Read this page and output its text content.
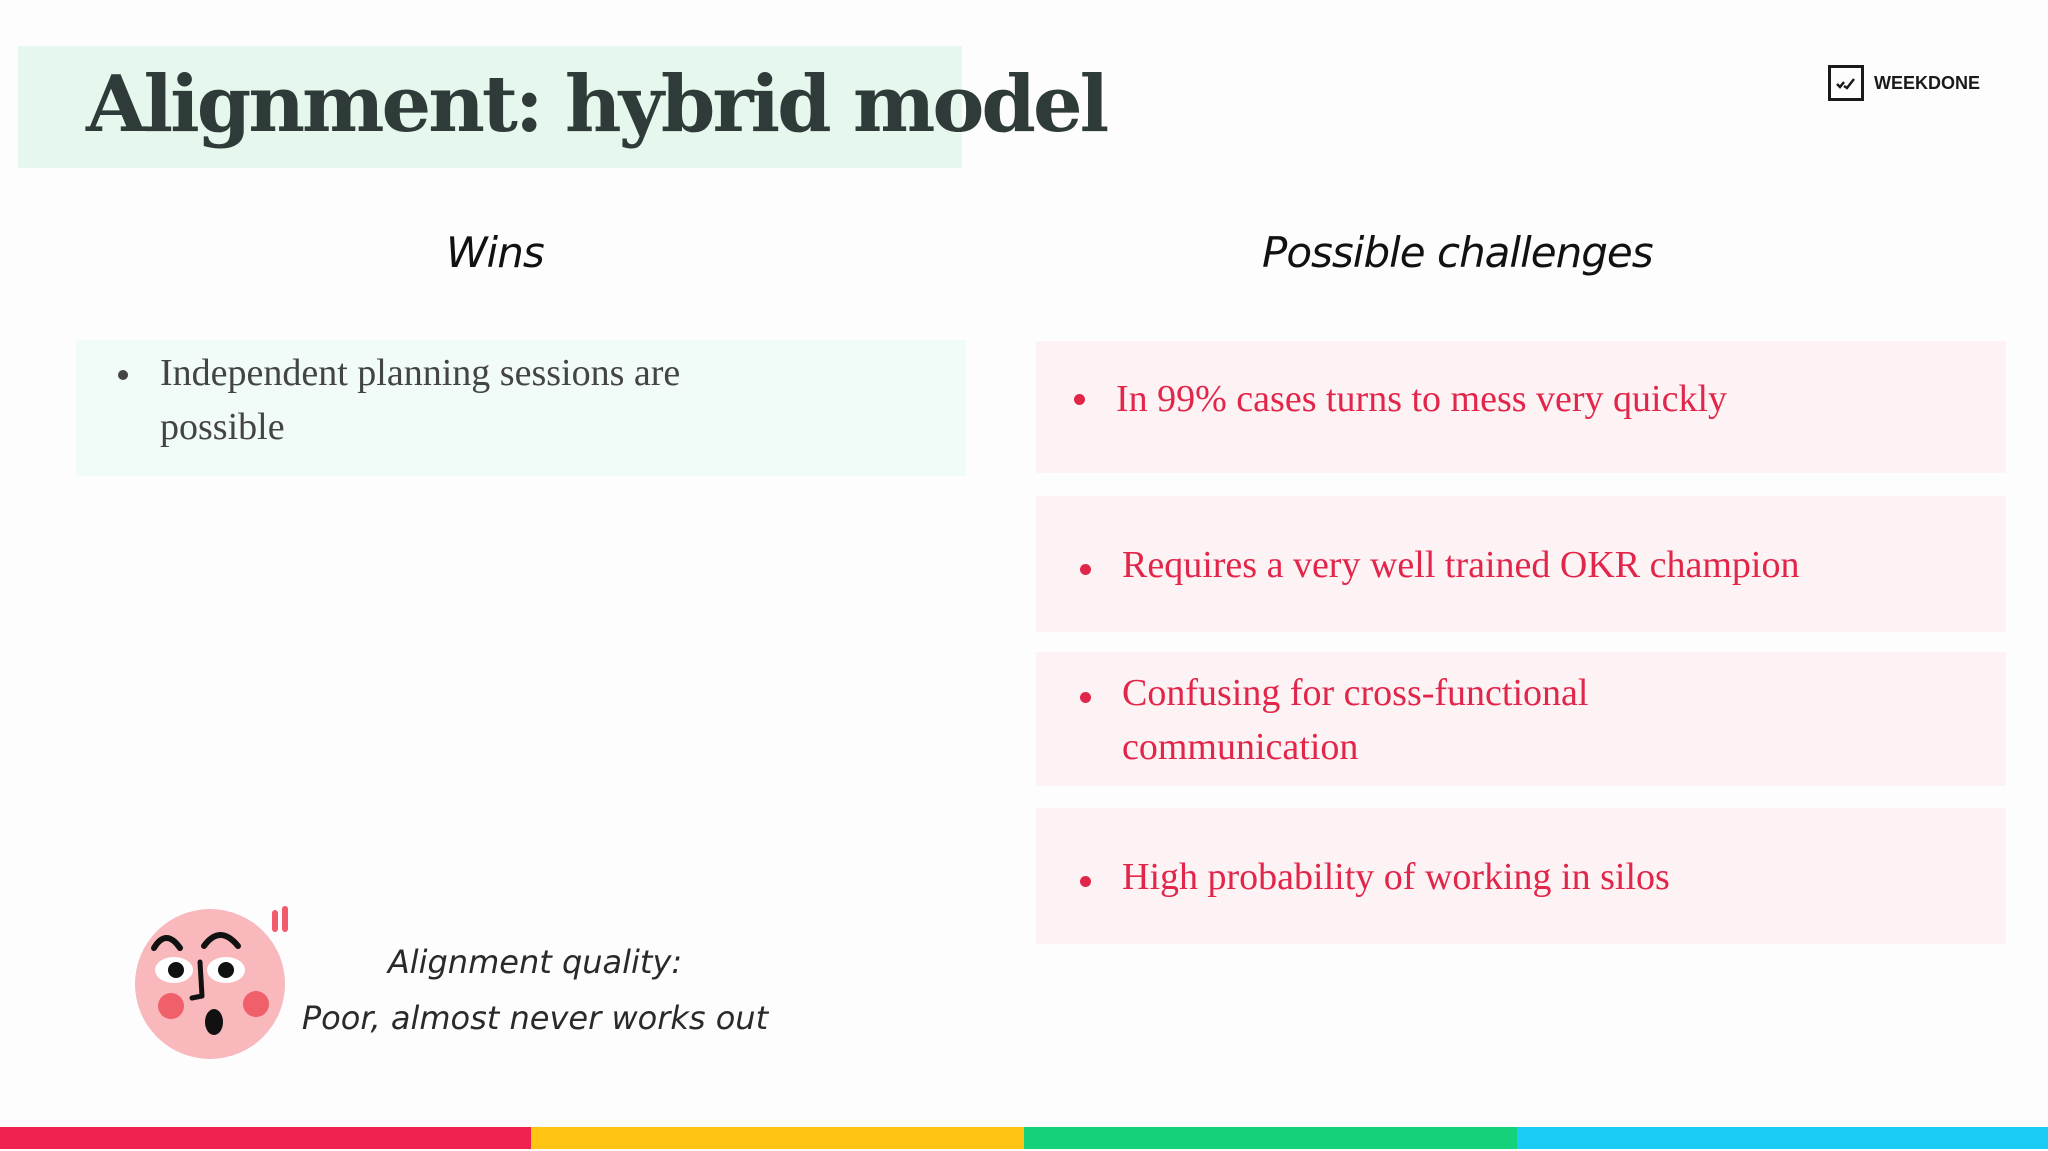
Alignment: hybrid model	WEEKDONE
Wins	Possible challenges
Independent planning sessions are possible
In 99% cases turns to mess very quickly
Requires a very well trained OKR champion
Confusing for cross-functional communication
High probability of working in silos
Alignment quality:
Poor, almost never works out
